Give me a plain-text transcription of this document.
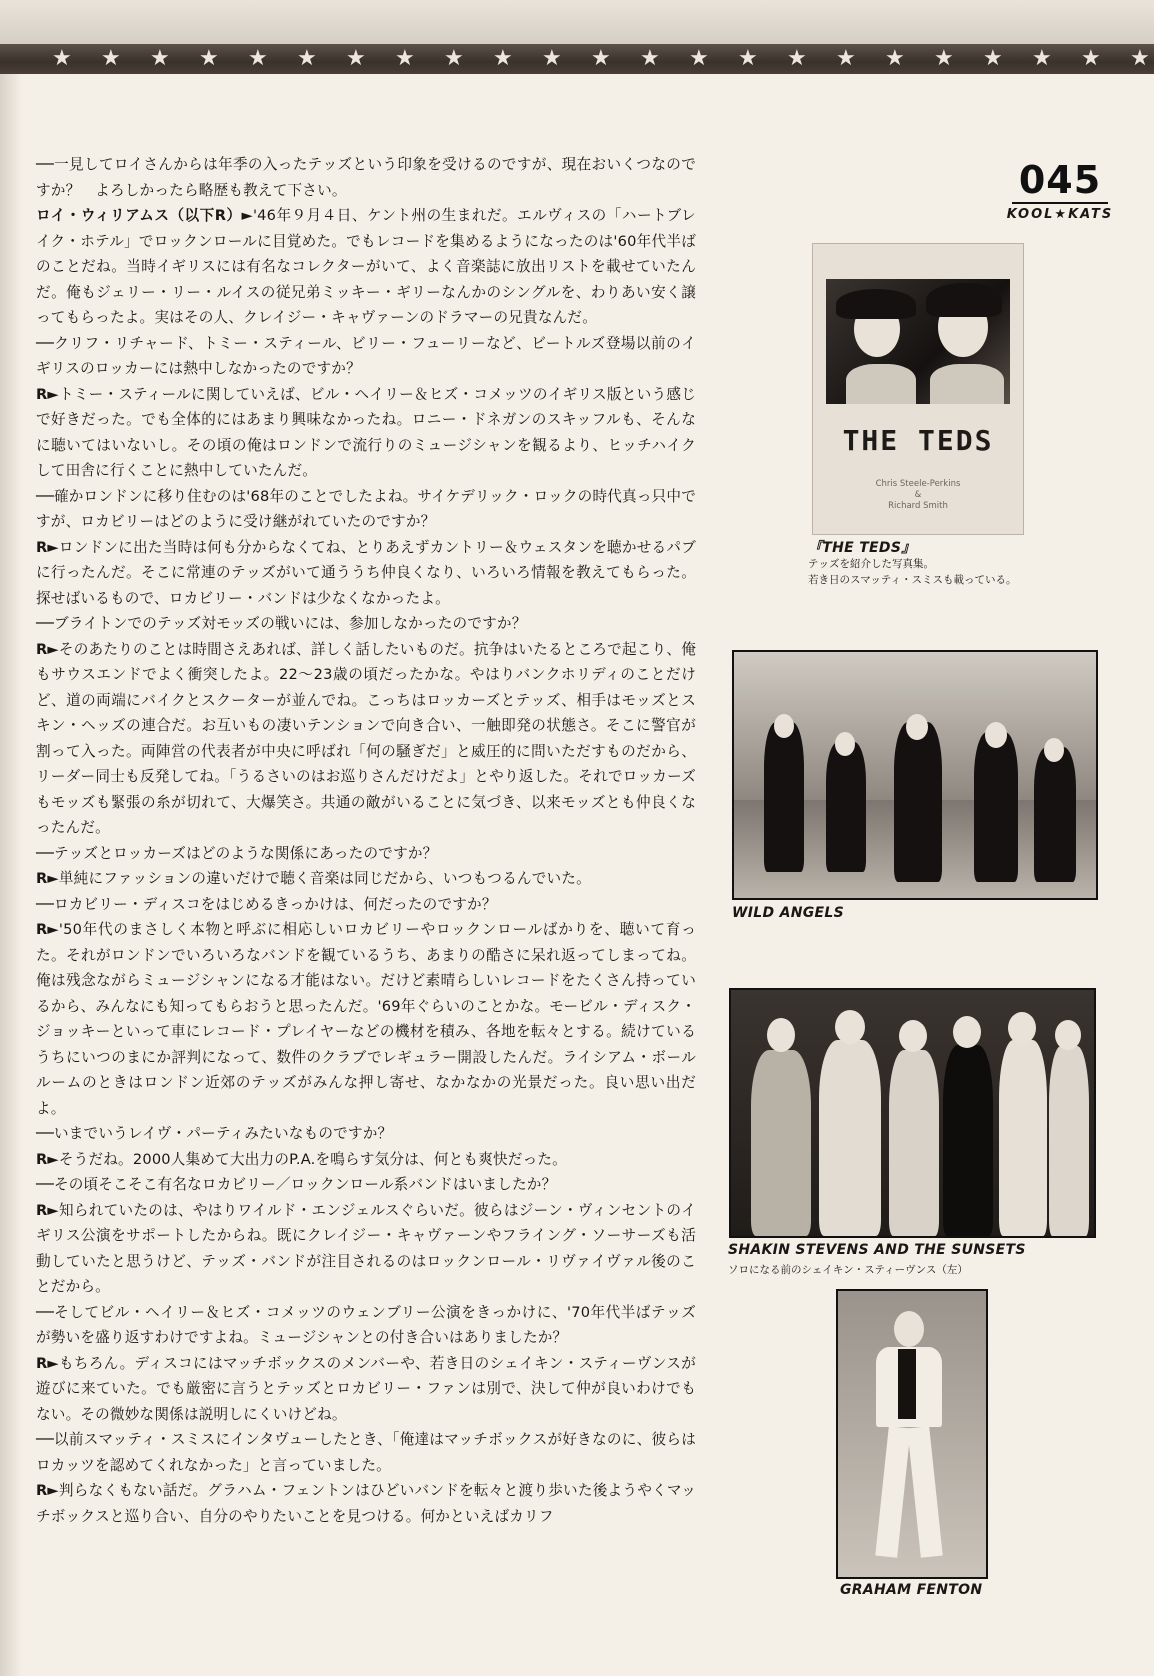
★ ★ ★ ★ ★ ★ ★ ★ ★ ★ ★ ★ ★ ★ ★ ★ ★ ★ ★ ★ ★ ★ ★
045
KOOL★KATS

──一見してロイさんからは年季の入ったテッズという印象を受けるのですが、現在おいくつなのですか？　よろしかったら略歴も教えて下さい。

ロイ・ウィリアムス（以下R）►'46年９月４日、ケント州の生まれだ。エルヴィスの「ハートブレイク・ホテル」でロックンロールに目覚めた。でもレコードを集めるようになったのは'60年代半ばのことだね。当時イギリスには有名なコレクターがいて、よく音楽誌に放出リストを載せていたんだ。俺もジェリー・リー・ルイスの従兄弟ミッキー・ギリーなんかのシングルを、わりあい安く譲ってもらったよ。実はその人、クレイジー・キャヴァーンのドラマーの兄貴なんだ。

──クリフ・リチャード、トミー・スティール、ビリー・フューリーなど、ビートルズ登場以前のイギリスのロッカーには熱中しなかったのですか？

R►トミー・スティールに関していえば、ビル・ヘイリー＆ヒズ・コメッツのイギリス版という感じで好きだった。でも全体的にはあまり興味なかったね。ロニー・ドネガンのスキッフルも、そんなに聴いてはいないし。その頃の俺はロンドンで流行りのミュージシャンを観るより、ヒッチハイクして田舎に行くことに熱中していたんだ。

──確かロンドンに移り住むのは'68年のことでしたよね。サイケデリック・ロックの時代真っ只中ですが、ロカビリーはどのように受け継がれていたのですか？

R►ロンドンに出た当時は何も分からなくてね、とりあえずカントリー＆ウェスタンを聴かせるパブに行ったんだ。そこに常連のテッズがいて通ううち仲良くなり、いろいろ情報を教えてもらった。探せばいるもので、ロカビリー・バンドは少なくなかったよ。

──ブライトンでのテッズ対モッズの戦いには、参加しなかったのですか？

R►そのあたりのことは時間さえあれば、詳しく話したいものだ。抗争はいたるところで起こり、俺もサウスエンドでよく衝突したよ。22〜23歳の頃だったかな。やはりバンクホリディのことだけど、道の両端にバイクとスクーターが並んでね。こっちはロッカーズとテッズ、相手はモッズとスキン・ヘッズの連合だ。お互いもの凄いテンションで向き合い、一触即発の状態さ。そこに警官が割って入った。両陣営の代表者が中央に呼ばれ「何の騒ぎだ」と威圧的に問いただすものだから、リーダー同士も反発してね。「うるさいのはお巡りさんだけだよ」とやり返した。それでロッカーズもモッズも緊張の糸が切れて、大爆笑さ。共通の敵がいることに気づき、以来モッズとも仲良くなったんだ。

──テッズとロッカーズはどのような関係にあったのですか？

R►単純にファッションの違いだけで聴く音楽は同じだから、いつもつるんでいた。

──ロカビリー・ディスコをはじめるきっかけは、何だったのですか？

R►'50年代のまさしく本物と呼ぶに相応しいロカビリーやロックンロールばかりを、聴いて育った。それがロンドンでいろいろなバンドを観ているうち、あまりの酷さに呆れ返ってしまってね。俺は残念ながらミュージシャンになる才能はない。だけど素晴らしいレコードをたくさん持っているから、みんなにも知ってもらおうと思ったんだ。'69年ぐらいのことかな。モービル・ディスク・ジョッキーといって車にレコード・プレイヤーなどの機材を積み、各地を転々とする。続けているうちにいつのまにか評判になって、数件のクラブでレギュラー開設したんだ。ライシアム・ボールルームのときはロンドン近郊のテッズがみんな押し寄せ、なかなかの光景だった。良い思い出だよ。

──いまでいうレイヴ・パーティみたいなものですか？

R►そうだね。2000人集めて大出力のP.A.を鳴らす気分は、何とも爽快だった。

──その頃そこそこ有名なロカビリー／ロックンロール系バンドはいましたか？

R►知られていたのは、やはりワイルド・エンジェルスぐらいだ。彼らはジーン・ヴィンセントのイギリス公演をサポートしたからね。既にクレイジー・キャヴァーンやフライング・ソーサーズも活動していたと思うけど、テッズ・バンドが注目されるのはロックンロール・リヴァイヴァル後のことだから。

──そしてビル・ヘイリー＆ヒズ・コメッツのウェンブリー公演をきっかけに、'70年代半ばテッズが勢いを盛り返すわけですよね。ミュージシャンとの付き合いはありましたか？

R►もちろん。ディスコにはマッチボックスのメンバーや、若き日のシェイキン・スティーヴンスが遊びに来ていた。でも厳密に言うとテッズとロカビリー・ファンは別で、決して仲が良いわけでもない。その微妙な関係は説明しにくいけどね。

──以前スマッティ・スミスにインタヴューしたとき、「俺達はマッチボックスが好きなのに、彼らはロカッツを認めてくれなかった」と言っていました。

R►判らなくもない話だ。グラハム・フェントンはひどいバンドを転々と渡り歩いた後ようやくマッチボックスと巡り合い、自分のやりたいことを見つける。何かといえばカリフ

THE TEDS
Chris Steele-Perkins
&
Richard Smith
『THE TEDS』
テッズを紹介した写真集。
若き日のスマッティ・スミスも載っている。
WILD ANGELS
SHAKIN STEVENS AND THE SUNSETS
ソロになる前のシェイキン・スティーヴンス（左）
GRAHAM FENTON
